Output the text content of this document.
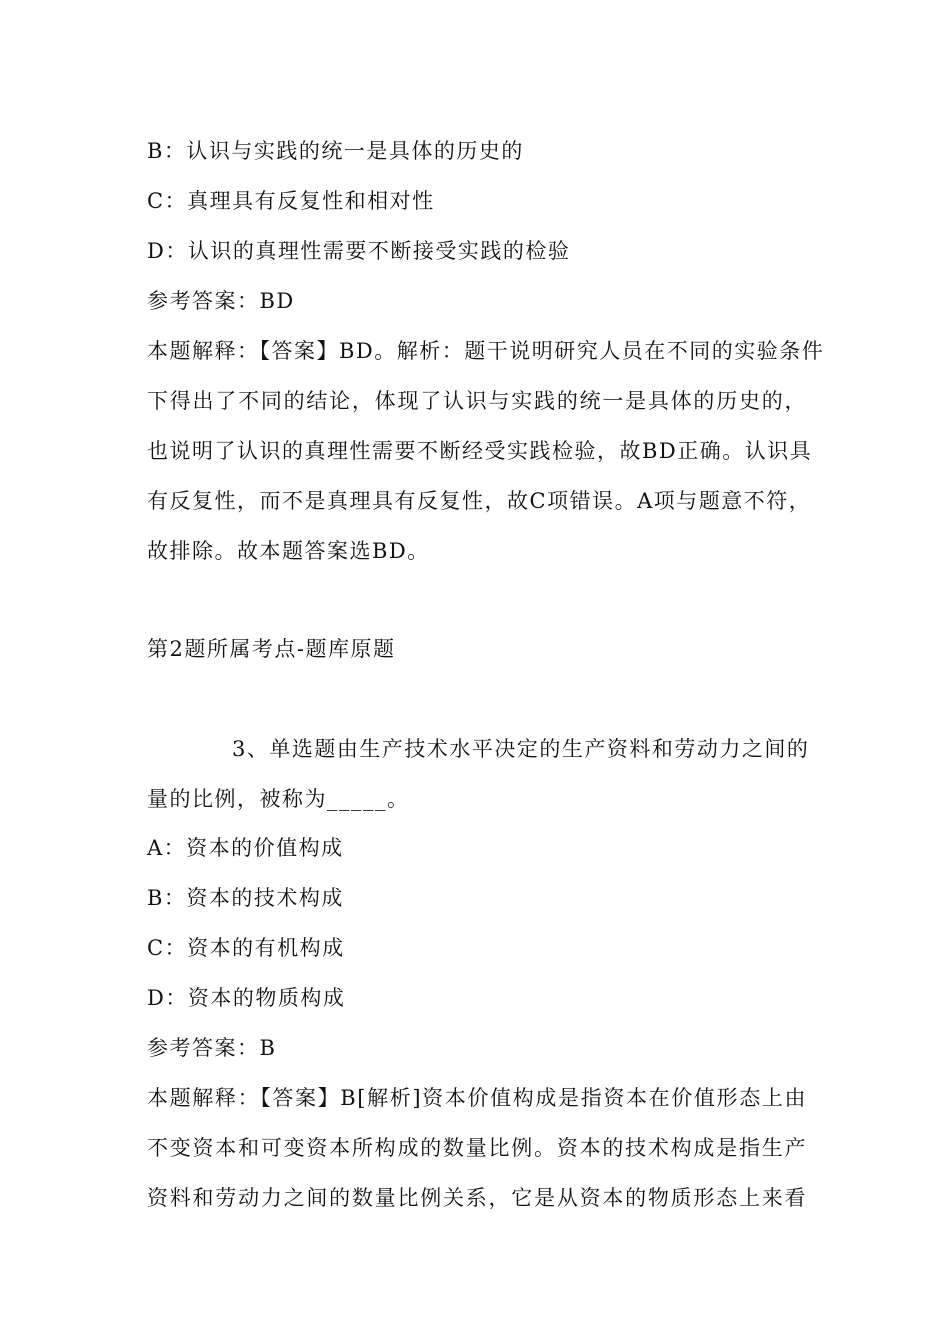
B：认识与实践的统一是具体的历史的
C：真理具有反复性和相对性
D：认识的真理性需要不断接受实践的检验
参考答案：BD
本题解释：【答案】BD。解析：题干说明研究人员在不同的实验条件
下得出了不同的结论，体现了认识与实践的统一是具体的历史的，
也说明了认识的真理性需要不断经受实践检验，故BD正确。认识具
有反复性，而不是真理具有反复性，故C项错误。A项与题意不符，
故排除。故本题答案选BD。
第2题所属考点-题库原题
3、单选题由生产技术水平决定的生产资料和劳动力之间的
量的比例，被称为_____。
A：资本的价值构成
B：资本的技术构成
C：资本的有机构成
D：资本的物质构成
参考答案：B
本题解释：【答案】B[解析]资本价值构成是指资本在价值形态上由
不变资本和可变资本所构成的数量比例。资本的技术构成是指生产
资料和劳动力之间的数量比例关系，它是从资本的物质形态上来看
